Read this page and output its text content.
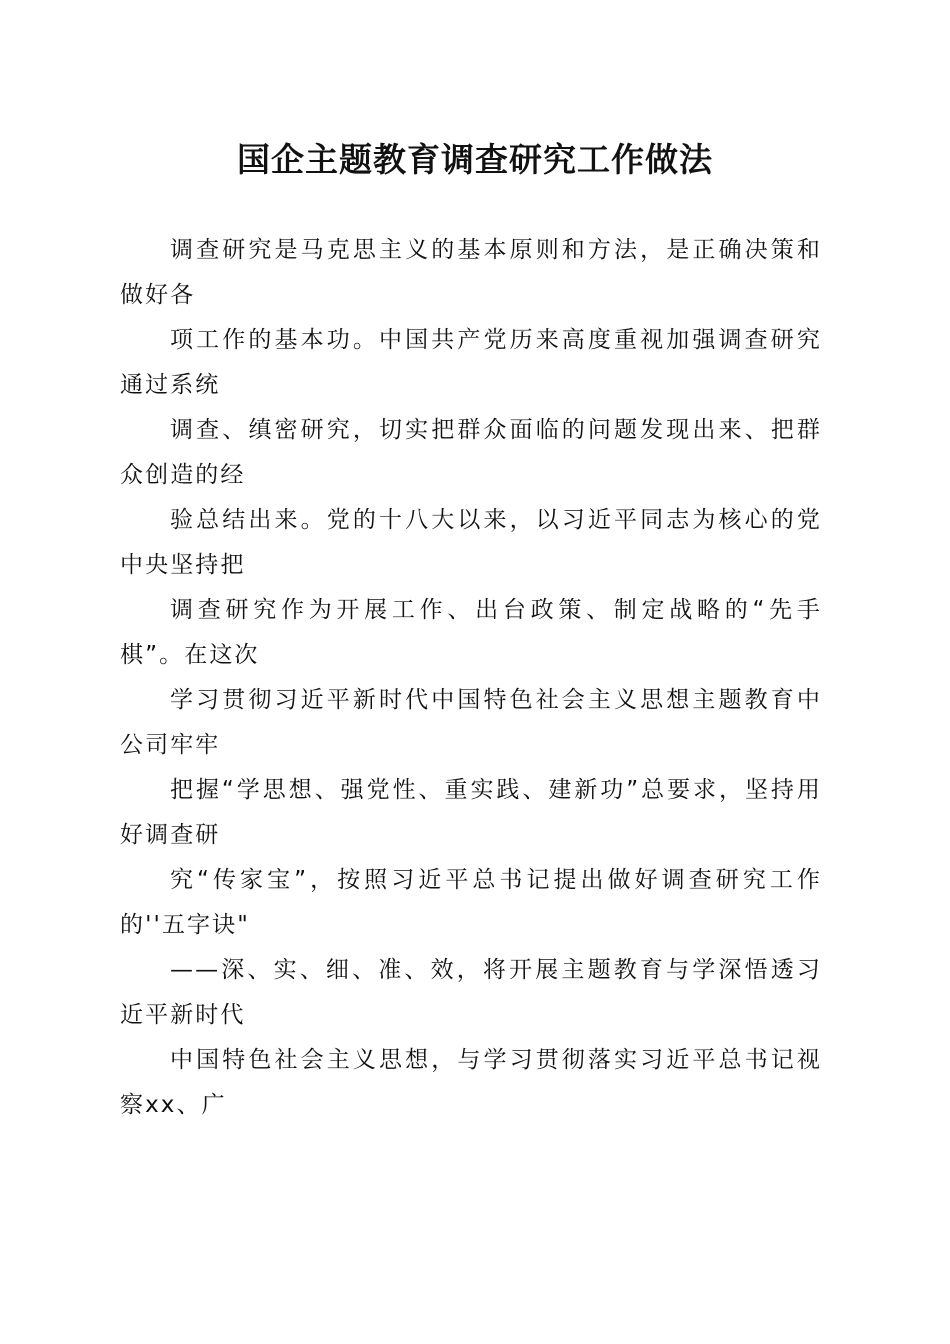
国企主题教育调查研究工作做法

调查研究是马克思主义的基本原则和方法，是正确决策和做好各

项工作的基本功。中国共产党历来高度重视加强调查研究通过系统

调查、缜密研究，切实把群众面临的问题发现出来、把群众创造的经

验总结出来。党的十八大以来，以习近平同志为核心的党中央坚持把

调查研究作为开展工作、出台政策、制定战略的“先手棋”。在这次

学习贯彻习近平新时代中国特色社会主义思想主题教育中公司牢牢

把握“学思想、强党性、重实践、建新功”总要求，坚持用好调查研

究“传家宝”，按照习近平总书记提出做好调查研究工作的''五字诀"

——深、实、细、准、效，将开展主题教育与学深悟透习近平新时代

中国特色社会主义思想，与学习贯彻落实习近平总书记视察xx、广
